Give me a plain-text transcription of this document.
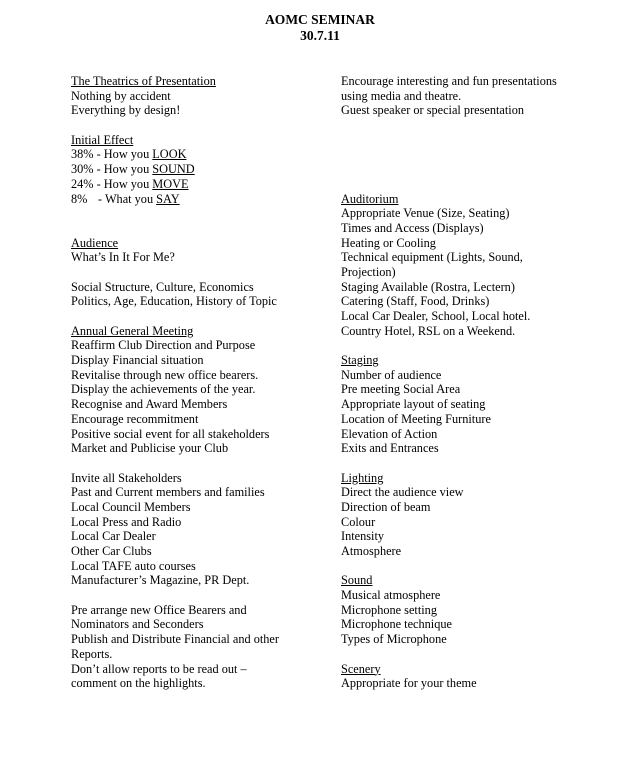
AOMC SEMINAR
30.7.11
The Theatrics of Presentation
Nothing by accident
Everything by design!
Initial Effect
38% - How you LOOK
30% - How you SOUND
24% - How you MOVE
8% - What you SAY
Audience
What’s In It For Me?
Social Structure, Culture, Economics
Politics, Age, Education, History of Topic
Annual General Meeting
Reaffirm Club Direction and Purpose
Display Financial situation
Revitalise through new office bearers.
Display the achievements of the year.
Recognise and Award Members
Encourage recommitment
Positive social event for all stakeholders
Market and Publicise your Club
Invite all Stakeholders
Past and Current members and families
Local Council Members
Local Press and Radio
Local Car Dealer
Other Car Clubs
Local TAFE auto courses
Manufacturer’s Magazine, PR Dept.
Pre arrange new Office Bearers and
Nominators and Seconders
Publish and Distribute Financial and other
Reports.
Don’t allow reports to be read out –
comment on the highlights.
Encourage interesting and fun presentations
using media and theatre.
Guest speaker or special presentation
Auditorium
Appropriate Venue (Size, Seating)
Times and Access (Displays)
Heating or Cooling
Technical equipment (Lights, Sound,
Projection)
Staging Available (Rostra, Lectern)
Catering (Staff, Food, Drinks)
Local Car Dealer, School, Local hotel.
Country Hotel, RSL on a Weekend.
Staging
Number of audience
Pre meeting Social Area
Appropriate layout of seating
Location of Meeting Furniture
Elevation of Action
Exits and Entrances
Lighting
Direct the audience view
Direction of beam
Colour
Intensity
Atmosphere
Sound
Musical atmosphere
Microphone setting
Microphone technique
Types of Microphone
Scenery
Appropriate for your theme
